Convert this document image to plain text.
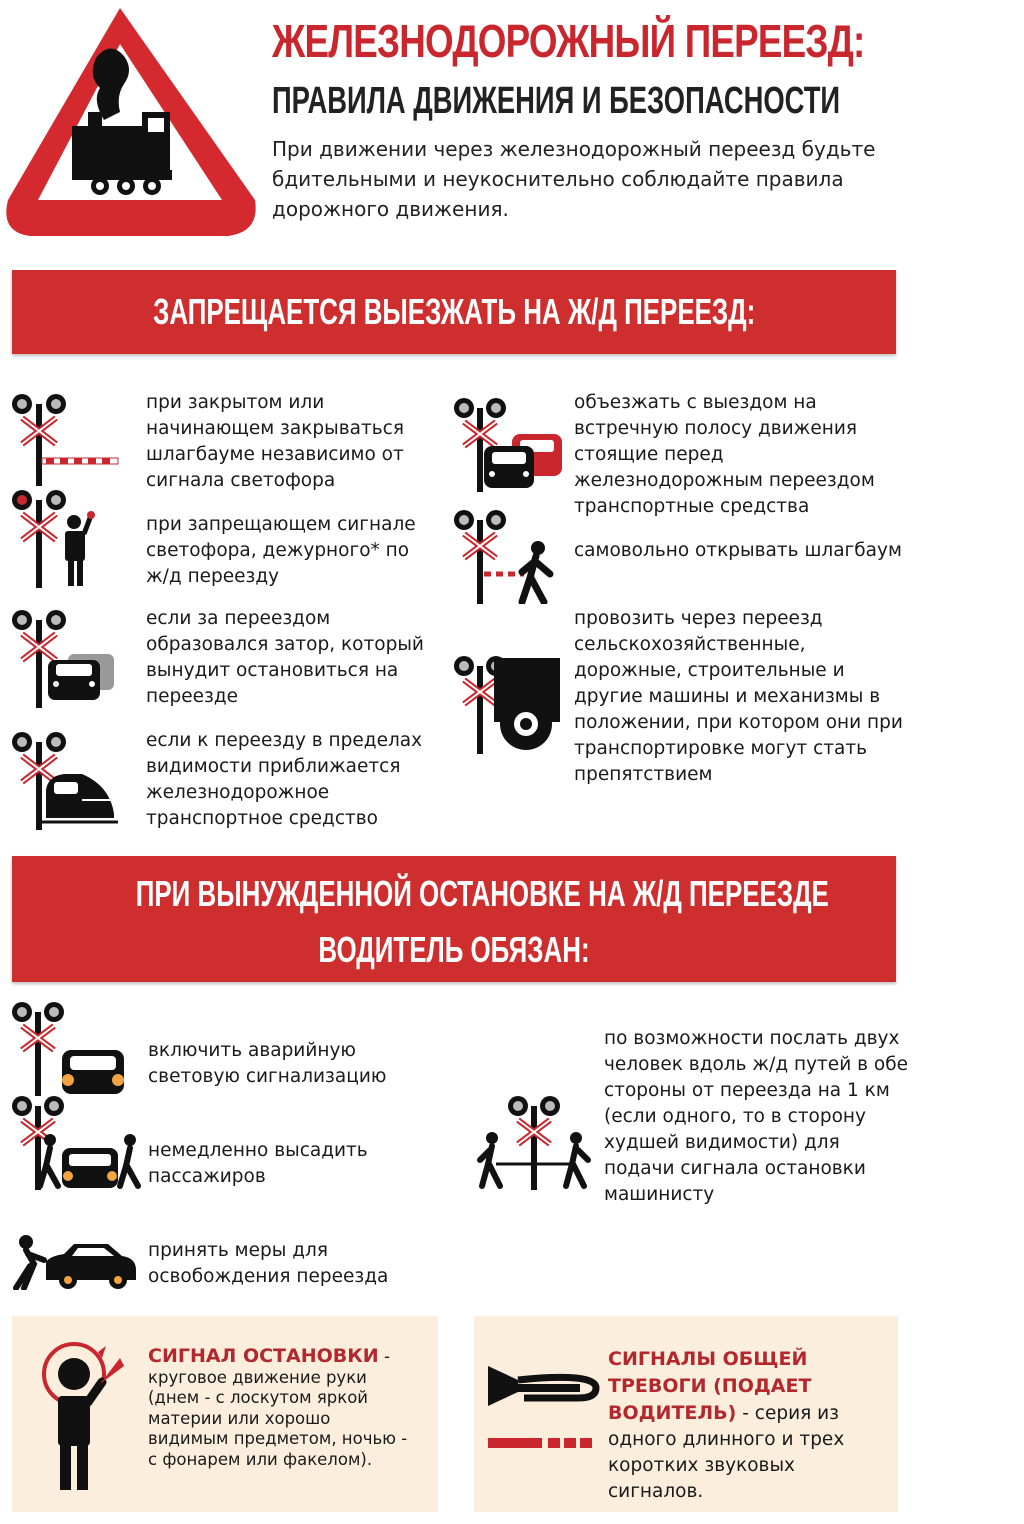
ЖЕЛЕЗНОДОРОЖНЫЙ ПЕРЕЕЗД:
ПРАВИЛА ДВИЖЕНИЯ И БЕЗОПАСНОСТИ
При движении через железнодорожный переезд будьте бдительными и неукоснительно соблюдайте правила дорожного движения.
ЗАПРЕЩАЕТСЯ ВЫЕЗЖАТЬ НА Ж/Д ПЕРЕЕЗД:
при закрытом или начинающем закрываться шлагбауме независимо от сигнала светофора
при запрещающем сигнале светофора, дежурного* по ж/д переезду
если за переездом образовался затор, который вынудит остановиться на переезде
если к переезду в пределах видимости приближается железнодорожное транспортное средство
объезжать с выездом на встречную полосу движения стоящие перед железнодорожным переездом транспортные средства
самовольно открывать шлагбаум
провозить через переезд сельскохозяйственные, дорожные, строительные и другие машины и механизмы в положении, при котором они при транспортировке могут стать препятствием
ПРИ ВЫНУЖДЕННОЙ ОСТАНОВКЕ НА Ж/Д ПЕРЕЕЗДЕ
ВОДИТЕЛЬ ОБЯЗАН:
включить аварийную световую сигнализацию
немедленно высадить пассажиров
принять меры для освобождения переезда
по возможности послать двух человек вдоль ж/д путей в обе стороны от переезда на 1 км (если одного, то в сторону худшей видимости) для подачи сигнала остановки машинисту
СИГНАЛ ОСТАНОВКИ - круговое движение руки (днем - с лоскутом яркой материи или хорошо видимым предметом, ночью - с фонарем или факелом).
СИГНАЛЫ ОБЩЕЙ ТРЕВОГИ (ПОДАЕТ ВОДИТЕЛЬ) - серия из одного длинного и трех коротких звуковых сигналов.
